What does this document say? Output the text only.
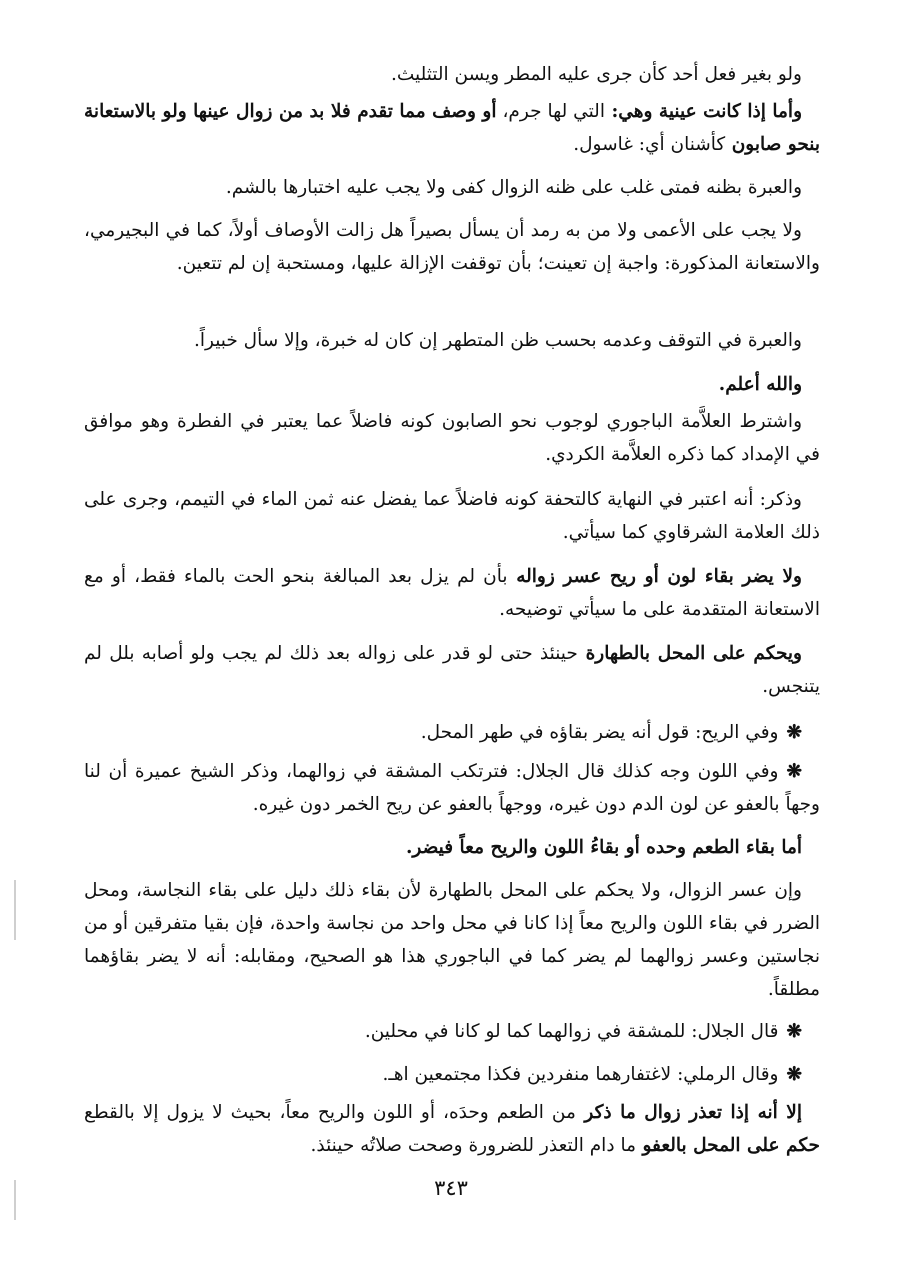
ولو بغير فعل أحد كأن جرى عليه المطر ويسن التثليث.

وأما إذا كانت عينية وهي: التي لها جرم، أو وصف مما تقدم فلا بد من زوال عينها ولو بالاستعانة بنحو صابون كأشنان أي: غاسول.

والعبرة بظنه فمتى غلب على ظنه الزوال كفى ولا يجب عليه اختبارها بالشم.

ولا يجب على الأعمى ولا من به رمد أن يسأل بصيراً هل زالت الأوصاف أولاً، كما في البجيرمي، والاستعانة المذكورة: واجبة إن تعينت؛ بأن توقفت الإزالة عليها، ومستحبة إن لم تتعين.

والعبرة في التوقف وعدمه بحسب ظن المتطهر إن كان له خبرة، وإلا سأل خبيراً.

والله أعلم.

واشترط العلاَّمة الباجوري لوجوب نحو الصابون كونه فاضلاً عما يعتبر في الفطرة وهو موافق في الإمداد كما ذكره العلاَّمة الكردي.

وذكر: أنه اعتبر في النهاية كالتحفة كونه فاضلاً عما يفضل عنه ثمن الماء في التيمم، وجرى على ذلك العلامة الشرقاوي كما سيأتي.

ولا يضر بقاء لون أو ريح عسر زواله بأن لم يزل بعد المبالغة بنحو الحت بالماء فقط، أو مع الاستعانة المتقدمة على ما سيأتي توضيحه.

ويحكم على المحل بالطهارة حينئذ حتى لو قدر على زواله بعد ذلك لم يجب ولو أصابه بلل لم يتنجس.

❋وفي الريح: قول أنه يضر بقاؤه في طهر المحل.

❋وفي اللون وجه كذلك قال الجلال: فترتكب المشقة في زوالهما، وذكر الشيخ عميرة أن لنا وجهاً بالعفو عن لون الدم دون غيره، ووجهاً بالعفو عن ريح الخمر دون غيره.

أما بقاء الطعم وحده أو بقاءُ اللون والريح معاً فيضر.

وإن عسر الزوال، ولا يحكم على المحل بالطهارة لأن بقاء ذلك دليل على بقاء النجاسة، ومحل الضرر في بقاء اللون والريح معاً إذا كانا في محل واحد من نجاسة واحدة، فإن بقيا متفرقين أو من نجاستين وعسر زوالهما لم يضر كما في الباجوري هذا هو الصحيح، ومقابله: أنه لا يضر بقاؤهما مطلقاً.

❋قال الجلال: للمشقة في زوالهما كما لو كانا في محلين.

❋وقال الرملي: لاغتفارهما منفردين فكذا مجتمعين اهـ.

إلا أنه إذا تعذر زوال ما ذكر من الطعم وحدَه، أو اللون والريح معاً، بحيث لا يزول إلا بالقطع حكم على المحل بالعفو ما دام التعذر للضرورة وصحت صلاتُه حينئذ.

٣٤٣
